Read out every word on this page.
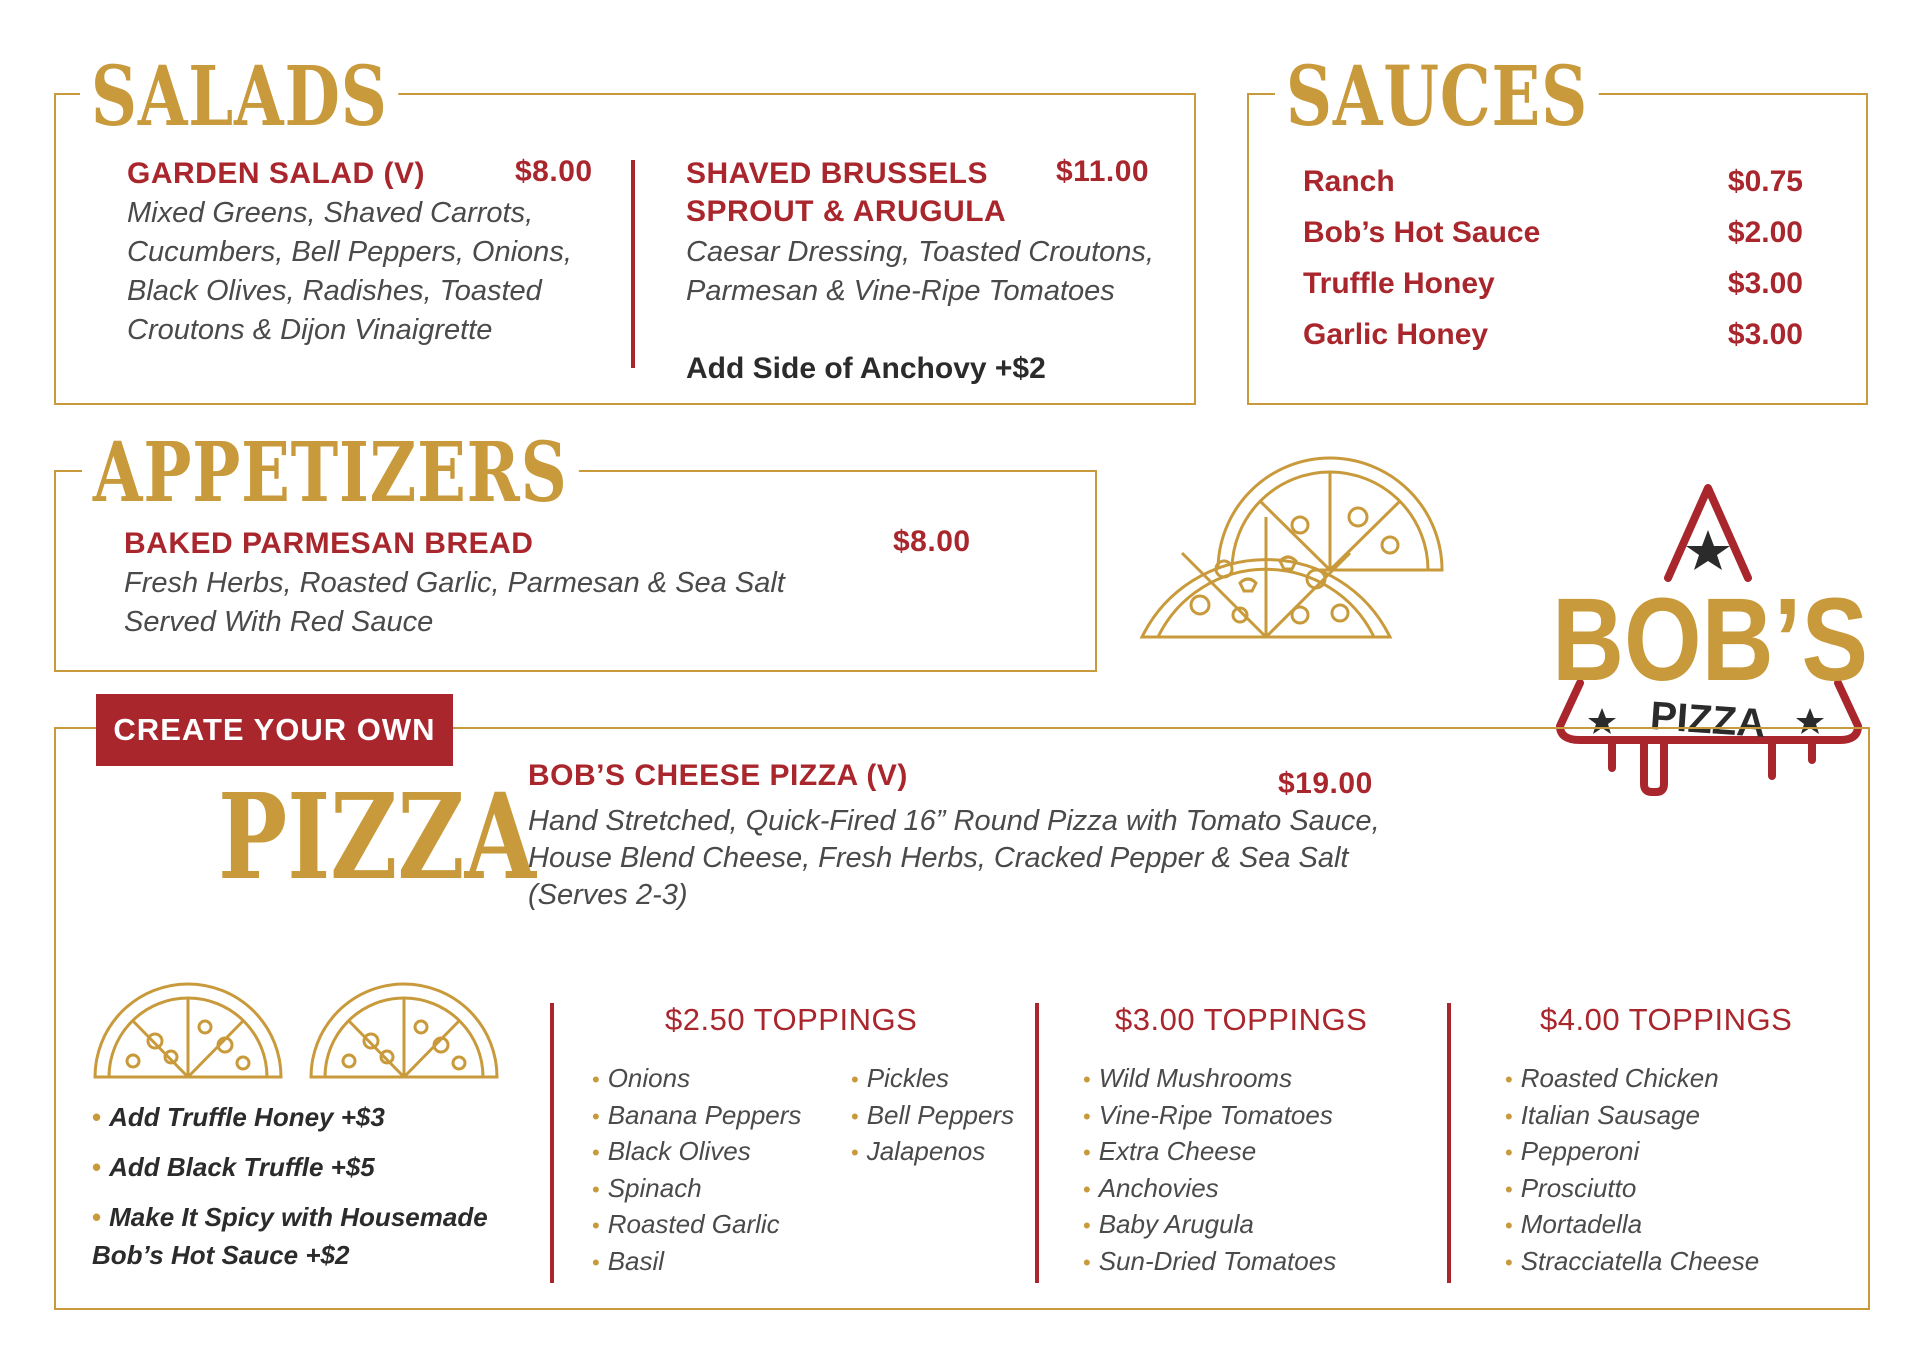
SALADS
GARDEN SALAD (V)	$8.00
Mixed Greens, Shaved Carrots, Cucumbers, Bell Peppers, Onions, Black Olives, Radishes, Toasted Croutons & Dijon Vinaigrette
SHAVED BRUSSELS SPROUT & ARUGULA
$11.00
Caesar Dressing, Toasted Croutons, Parmesan & Vine-Ripe Tomatoes
Add Side of Anchovy +$2
SAUCES
Ranch	$0.75
Bob’s Hot Sauce	$2.00
Truffle Honey	$3.00
Garlic Honey	$3.00
APPETIZERS
BAKED PARMESAN BREAD	$8.00
Fresh Herbs, Roasted Garlic, Parmesan & Sea Salt
Served With Red Sauce	BOB’S
PIZZA
CREATE YOUR OWN
PIZZA
BOB’S CHEESE PIZZA (V)	$19.00
Hand Stretched, Quick-Fired 16” Round Pizza with Tomato Sauce,
House Blend Cheese, Fresh Herbs, Cracked Pepper & Sea Salt
(Serves 2-3)
• Add Truffle Honey +$3
• Add Black Truffle +$5
• Make It Spicy with Housemade Bob’s Hot Sauce +$2
$2.50 TOPPINGS
• Onions
• Banana Peppers
• Black Olives
• Spinach
• Roasted Garlic
• Basil
• Pickles
• Bell Peppers
• Jalapenos
$3.00 TOPPINGS
• Wild Mushrooms
• Vine-Ripe Tomatoes
• Extra Cheese
• Anchovies
• Baby Arugula
• Sun-Dried Tomatoes
$4.00 TOPPINGS
• Roasted Chicken
• Italian Sausage
• Pepperoni
• Prosciutto
• Mortadella
• Stracciatella Cheese
